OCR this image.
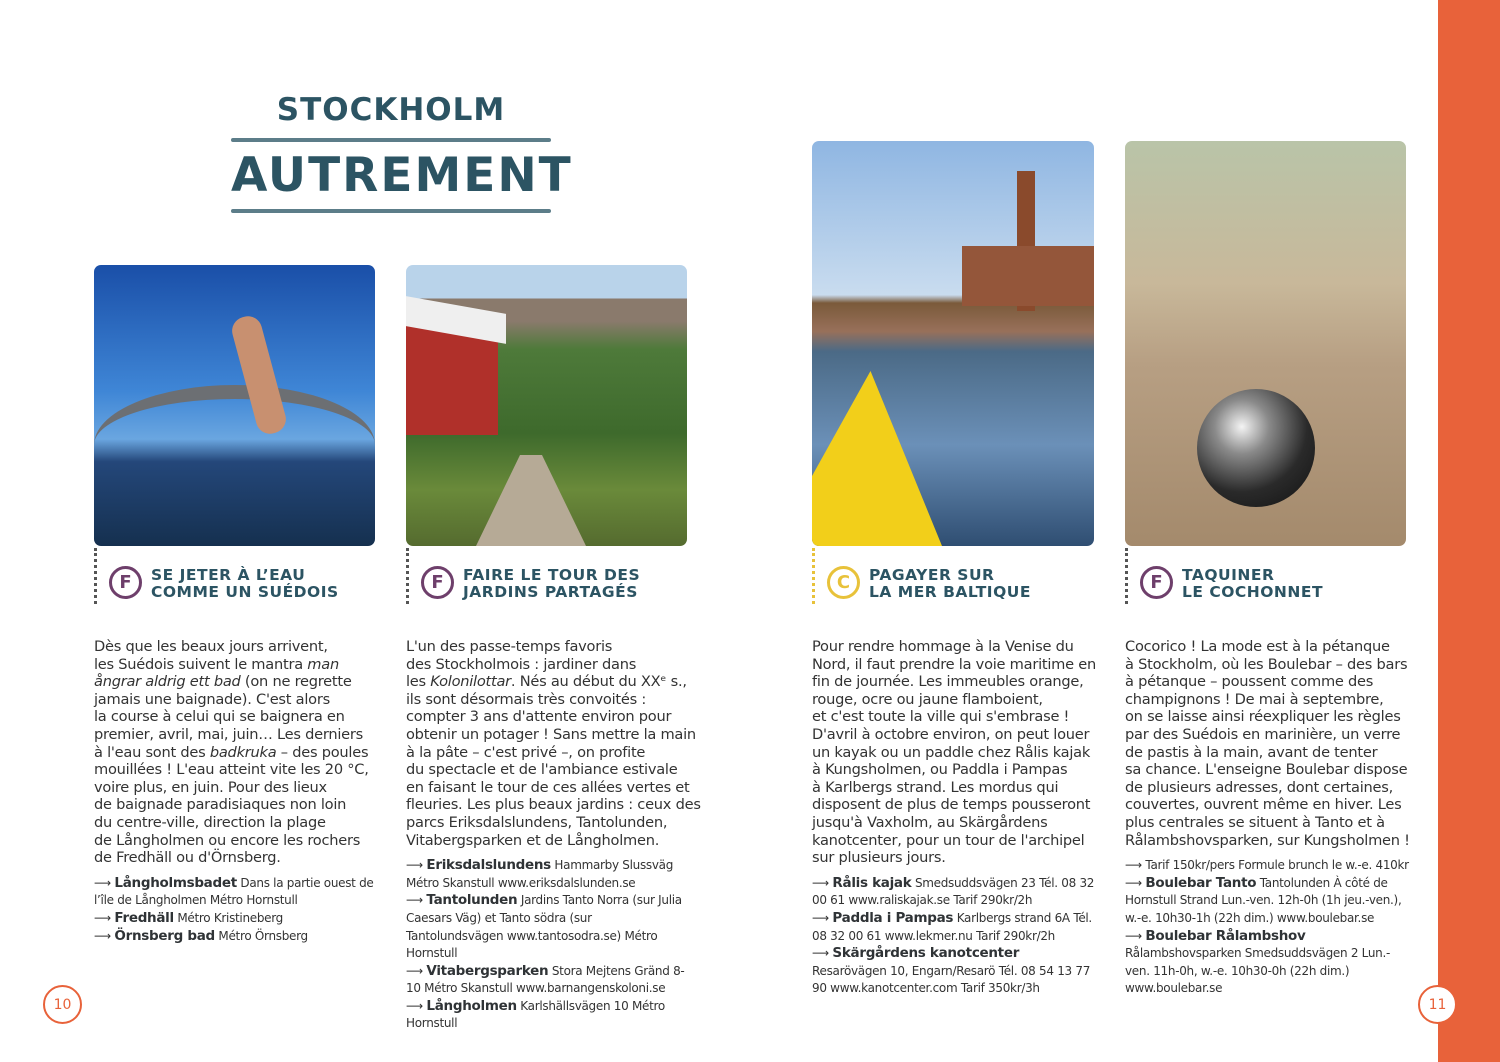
STOCKHOLM
AUTREMENT
F	SE JETER À L’EAU
COMME UN SUÉDOIS
Dès que les beaux jours arrivent,
les Suédois suivent le mantra man
ångrar aldrig ett bad (on ne regrette
jamais une baignade). C'est alors
la course à celui qui se baignera en
premier, avril, mai, juin… Les derniers
à l'eau sont des badkruka – des poules
mouillées ! L'eau atteint vite les 20 °C,
voire plus, en juin. Pour des lieux
de baignade paradisiaques non loin
du centre-ville, direction la plage
de Långholmen ou encore les rochers
de Fredhäll ou d'Örnsberg.
⟶ Långholmsbadet Dans la partie ouest de l’île de Långholmen Métro Hornstull
⟶ Fredhäll Métro Kristineberg
⟶ Örnsberg bad Métro Örnsberg
F	FAIRE LE TOUR DES
JARDINS PARTAGÉS
L'un des passe-temps favoris
des Stockholmois : jardiner dans
les Kolonilottar. Nés au début du XXᵉ s.,
ils sont désormais très convoités :
compter 3 ans d'attente environ pour
obtenir un potager ! Sans mettre la main
à la pâte – c'est privé –, on profite
du spectacle et de l'ambiance estivale
en faisant le tour de ces allées vertes et
fleuries. Les plus beaux jardins : ceux des
parcs Eriksdalslundens, Tantolunden,
Vitabergsparken et de Långholmen.
⟶ Eriksdalslundens Hammarby Slussväg Métro Skanstull www.eriksdalslunden.se
⟶ Tantolunden Jardins Tanto Norra (sur Julia Caesars Väg) et Tanto södra (sur Tantolundsvägen www.tantosodra.se) Métro Hornstull
⟶ Vitabergsparken Stora Mejtens Gränd 8-10 Métro Skanstull www.barnangenskoloni.se
⟶ Långholmen Karlshällsvägen 10 Métro Hornstull
C	PAGAYER SUR
LA MER BALTIQUE
Pour rendre hommage à la Venise du
Nord, il faut prendre la voie maritime en
fin de journée. Les immeubles orange,
rouge, ocre ou jaune flamboient,
et c'est toute la ville qui s'embrase !
D'avril à octobre environ, on peut louer
un kayak ou un paddle chez Rålis kajak
à Kungsholmen, ou Paddla i Pampas
à Karlbergs strand. Les mordus qui
disposent de plus de temps pousseront
jusqu'à Vaxholm, au Skärgårdens
kanotcenter, pour un tour de l'archipel
sur plusieurs jours.
⟶ Rålis kajak Smedsuddsvägen 23 Tél. 08 32 00 61 www.raliskajak.se Tarif 290kr/2h
⟶ Paddla i Pampas Karlbergs strand 6A Tél. 08 32 00 61 www.lekmer.nu Tarif 290kr/2h
⟶ Skärgårdens kanotcenter Resarövägen 10, Engarn/Resarö Tél. 08 54 13 77 90 www.kanotcenter.com Tarif 350kr/3h
F	TAQUINER
LE COCHONNET
Cocorico ! La mode est à la pétanque
à Stockholm, où les Boulebar – des bars
à pétanque – poussent comme des
champignons ! De mai à septembre,
on se laisse ainsi réexpliquer les règles
par des Suédois en marinière, un verre
de pastis à la main, avant de tenter
sa chance. L'enseigne Boulebar dispose
de plusieurs adresses, dont certaines,
couvertes, ouvrent même en hiver. Les
plus centrales se situent à Tanto et à
Rålambshovsparken, sur Kungsholmen !
⟶ Tarif 150kr/pers Formule brunch le w.-e. 410kr
⟶ Boulebar Tanto Tantolunden À côté de Hornstull Strand Lun.-ven. 12h-0h (1h jeu.-ven.), w.-e. 10h30-1h (22h dim.) www.boulebar.se
⟶ Boulebar Rålambshov Rålambshovsparken Smedsuddsvägen 2 Lun.-ven. 11h-0h, w.-e. 10h30-0h (22h dim.) www.boulebar.se
10	11
